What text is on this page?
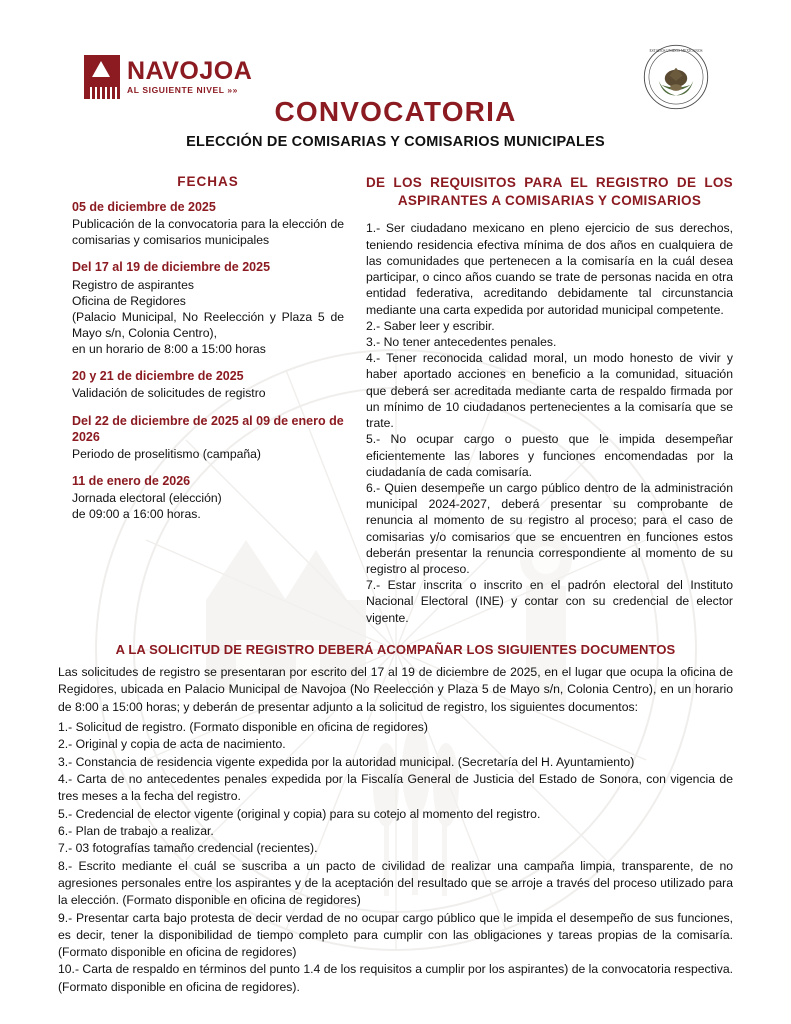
NAVOJOA
AL SIGUIENTE NIVEL »»
ESTADOS UNIDOS MEXICANOS
CONVOCATORIA
ELECCIÓN DE COMISARIAS Y COMISARIOS MUNICIPALES
FECHAS
05 de diciembre de 2025
Publicación de la convocatoria para la elección de comisarias y comisarios municipales
Del 17 al 19 de diciembre de 2025
Registro de aspirantes
Oficina de Regidores
(Palacio Municipal, No Reelección y Plaza 5 de Mayo s/n, Colonia Centro),
en un horario de 8:00 a 15:00 horas
20 y 21 de diciembre de 2025
Validación de solicitudes de registro
Del 22 de diciembre de 2025 al 09 de enero de 2026
Periodo de proselitismo (campaña)
11 de enero de 2026
Jornada electoral (elección)
de 09:00 a 16:00 horas.
DE LOS REQUISITOS PARA EL REGISTRO DE LOS ASPIRANTES A COMISARIAS Y COMISARIOS
1.- Ser ciudadano mexicano en pleno ejercicio de sus derechos, teniendo residencia efectiva mínima de dos años en cualquiera de las comunidades que pertenecen a la comisaría en la cuál desea participar, o cinco años cuando se trate de personas nacida en otra entidad federativa, acreditando debidamente tal circunstancia mediante una carta expedida por autoridad municipal competente.
2.- Saber leer y escribir.
3.- No tener antecedentes penales.
4.- Tener reconocida calidad moral, un modo honesto de vivir y haber aportado acciones en beneficio a la comunidad, situación que deberá ser acreditada mediante carta de respaldo firmada por un mínimo de 10 ciudadanos pertenecientes a la comisaría que se trate.
5.- No ocupar cargo o puesto que le impida desempeñar eficientemente las labores y funciones encomendadas por la ciudadanía de cada comisaría.
6.- Quien desempeñe un cargo público dentro de la administración municipal 2024-2027, deberá presentar su comprobante de renuncia al momento de su registro al proceso; para el caso de comisarias y/o comisarios que se encuentren en funciones estos deberán presentar la renuncia correspondiente al momento de su registro al proceso.
7.- Estar inscrita o inscrito en el padrón electoral del Instituto Nacional Electoral (INE) y contar con su credencial de elector vigente.
A LA SOLICITUD DE REGISTRO DEBERÁ ACOMPAÑAR LOS SIGUIENTES DOCUMENTOS
Las solicitudes de registro se presentaran por escrito del 17 al 19 de diciembre de 2025, en el lugar que ocupa la oficina de Regidores, ubicada en Palacio Municipal de Navojoa (No Reelección y Plaza 5 de Mayo s/n, Colonia Centro), en un horario de 8:00 a 15:00 horas; y deberán de presentar adjunto a la solicitud de registro, los siguientes documentos:
1.- Solicitud de registro. (Formato disponible en oficina de regidores)
2.- Original y copia de acta de nacimiento.
3.- Constancia de residencia vigente expedida por la autoridad municipal. (Secretaría del H. Ayuntamiento)
4.- Carta de no antecedentes penales expedida por la Fiscalía General de Justicia del Estado de Sonora, con vigencia de tres meses a la fecha del registro.
5.- Credencial de elector vigente (original y copia) para su cotejo al momento del registro.
6.- Plan de trabajo a realizar.
7.- 03 fotografías tamaño credencial (recientes).
8.- Escrito mediante el cuál se suscriba a un pacto de civilidad de realizar una campaña limpia, transparente, de no agresiones personales entre los aspirantes y de la aceptación del resultado que se arroje a través del proceso utilizado para la elección. (Formato disponible en oficina de regidores)
9.- Presentar carta bajo protesta de decir verdad de no ocupar cargo público que le impida el desempeño de sus funciones, es decir, tener la disponibilidad de tiempo completo para cumplir con las obligaciones y tareas propias de la comisaría. (Formato disponible en oficina de regidores)
10.- Carta de respaldo en términos del punto 1.4 de los requisitos a cumplir por los aspirantes) de la convocatoria respectiva. (Formato disponible en oficina de regidores).
